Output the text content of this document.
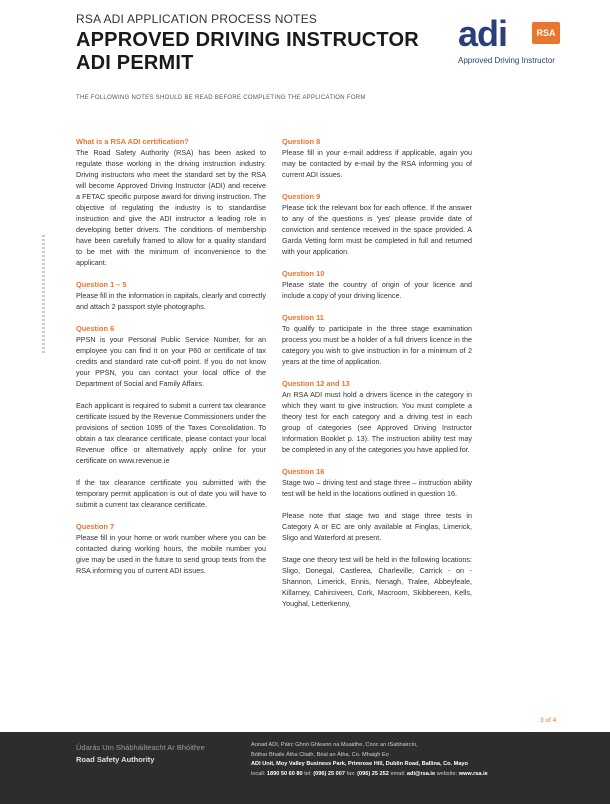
RSA ADI APPLICATION PROCESS NOTES

APPROVED DRIVING INSTRUCTOR
ADI PERMIT
adi	RSA
Approved Driving Instructor
THE FOLLOWING NOTES SHOULD BE READ BEFORE COMPLETING THE APPLICATION FORM

What is a RSA ADI certification?

The Road Safety Authority (RSA) has been asked to regulate those working in the driving instruction industry. Driving instructors who meet the standard set by the RSA will become Approved Driving Instructor (ADI) and receive a FETAC specific purpose award for driving instruction. The objective of regulating the industry is to standardise instruction and give the ADI instructor a leading role in developing better drivers. The conditions of membership have been carefully framed to allow for a quality standard to be met with the minimum of inconvenience to the applicant.

Question 1 – 5

Please fill in the information in capitals, clearly and correctly and attach 2 passport style photographs.

Question 6

PPSN is your Personal Public Service Number, for an employee you can find it on your P60 or certificate of tax credits and standard rate cut-off point. If you do not know your PPSN, you can contact your local office of the Department of Social and Family Affairs.

Each applicant is required to submit a current tax clearance certificate issued by the Revenue Commissioners under the provisions of section 1095 of the Taxes Consolidation. To obtain a tax clearance certificate, please contact your local Revenue office or alternatively apply online for your certificate on www.revenue.ie

If the tax clearance certificate you submitted with the temporary permit application is out of date you will have to submit a current tax clearance certificate.

Question 7

Please fill in your home or work number where you can be contacted during working hours, the mobile number you give may be used in the future to send group texts from the RSA informing you of current ADI issues.

Question 8

Please fill in your e-mail address if applicable, again you may be contacted by e-mail by the RSA informing you of current ADI issues.

Question 9

Please tick the relevant box for each offence. If the answer to any of the questions is 'yes' please provide date of conviction and sentence received in the space provided. A Garda Vetting form must be completed in full and returned with your application.

Question 10

Please state the country of origin of your licence and include a copy of your driving licence.

Question 11

To qualify to participate in the three stage examination process you must be a holder of a full drivers licence in the category you wish to give instruction in for a minimum of 2 years at the time of application.

Question 12 and 13

An RSA ADI must hold a drivers licence in the category in which they want to give instruction. You must complete a theory test for each category and a driving test in each group of categories (see Approved Driving Instructor Information Booklet p. 13). The instruction ability test may be completed in any of the categories you have applied for.

Question 16

Stage two – driving test and stage three – instruction ability test will be held in the locations outlined in question 16.

Please note that stage two and stage three tests in Category A or EC are only available at Finglas, Limerick, Sligo and Waterford at present.

Stage one theory test will be held in the following locations: Sligo, Donegal, Castlerea, Charleville, Carrick - on - Shannon, Limerick, Ennis, Nenagh, Tralee, Abbeyfeale, Killarney, Cahirciveen, Cork, Macroom, Skibbereen, Kells, Youghal, Letterkenny,

3 of 4
Údarás Um Shábháilteacht Ar Bhóithre
Road Safety Authority
Aonad ADI, Páirc Ghnó Ghleann na Muaidhe, Cnoc an tSabhaircín,
Bóthar Bhaile Átha Cliath, Béal an Átha, Co. Mhaigh Eo
ADI Unit, Moy Valley Business Park, Primrose Hill, Dublin Road, Ballina, Co. Mayo
locall: 1890 50 60 80 tel: (096) 25 007 fax: (096) 25 252 email: adi@rsa.ie website: www.rsa.ie
